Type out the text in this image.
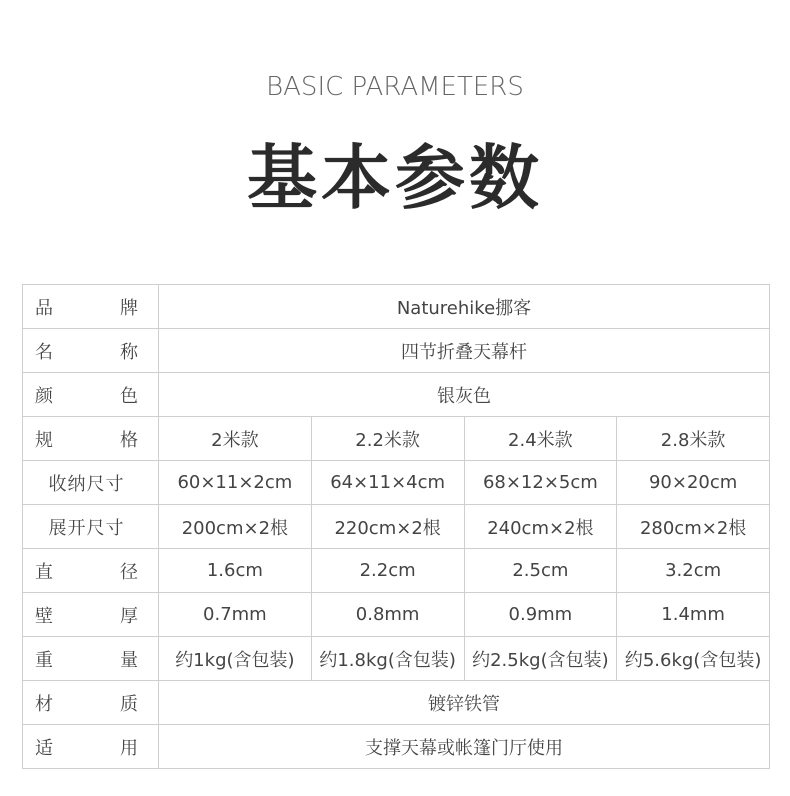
BASIC PARAMETERS
基本参数
品 牌	Naturehike挪客			

名 称	四节折叠天幕杆			

颜 色	银灰色			

规 格	2米款	2.2米款	2.4米款	2.8米款

收纳尺寸	60×11×2cm	64×11×4cm	68×12×5cm	90×20cm

展开尺寸	200cm×2根	220cm×2根	240cm×2根	280cm×2根

直 径	1.6cm	2.2cm	2.5cm	3.2cm

壁 厚	0.7mm	0.8mm	0.9mm	1.4mm

重 量	约1kg(含包装)	约1.8kg(含包装)	约2.5kg(含包装)	约5.6kg(含包装)

材 质	镀锌铁管			

适 用	支撑天幕或帐篷门厅使用			
